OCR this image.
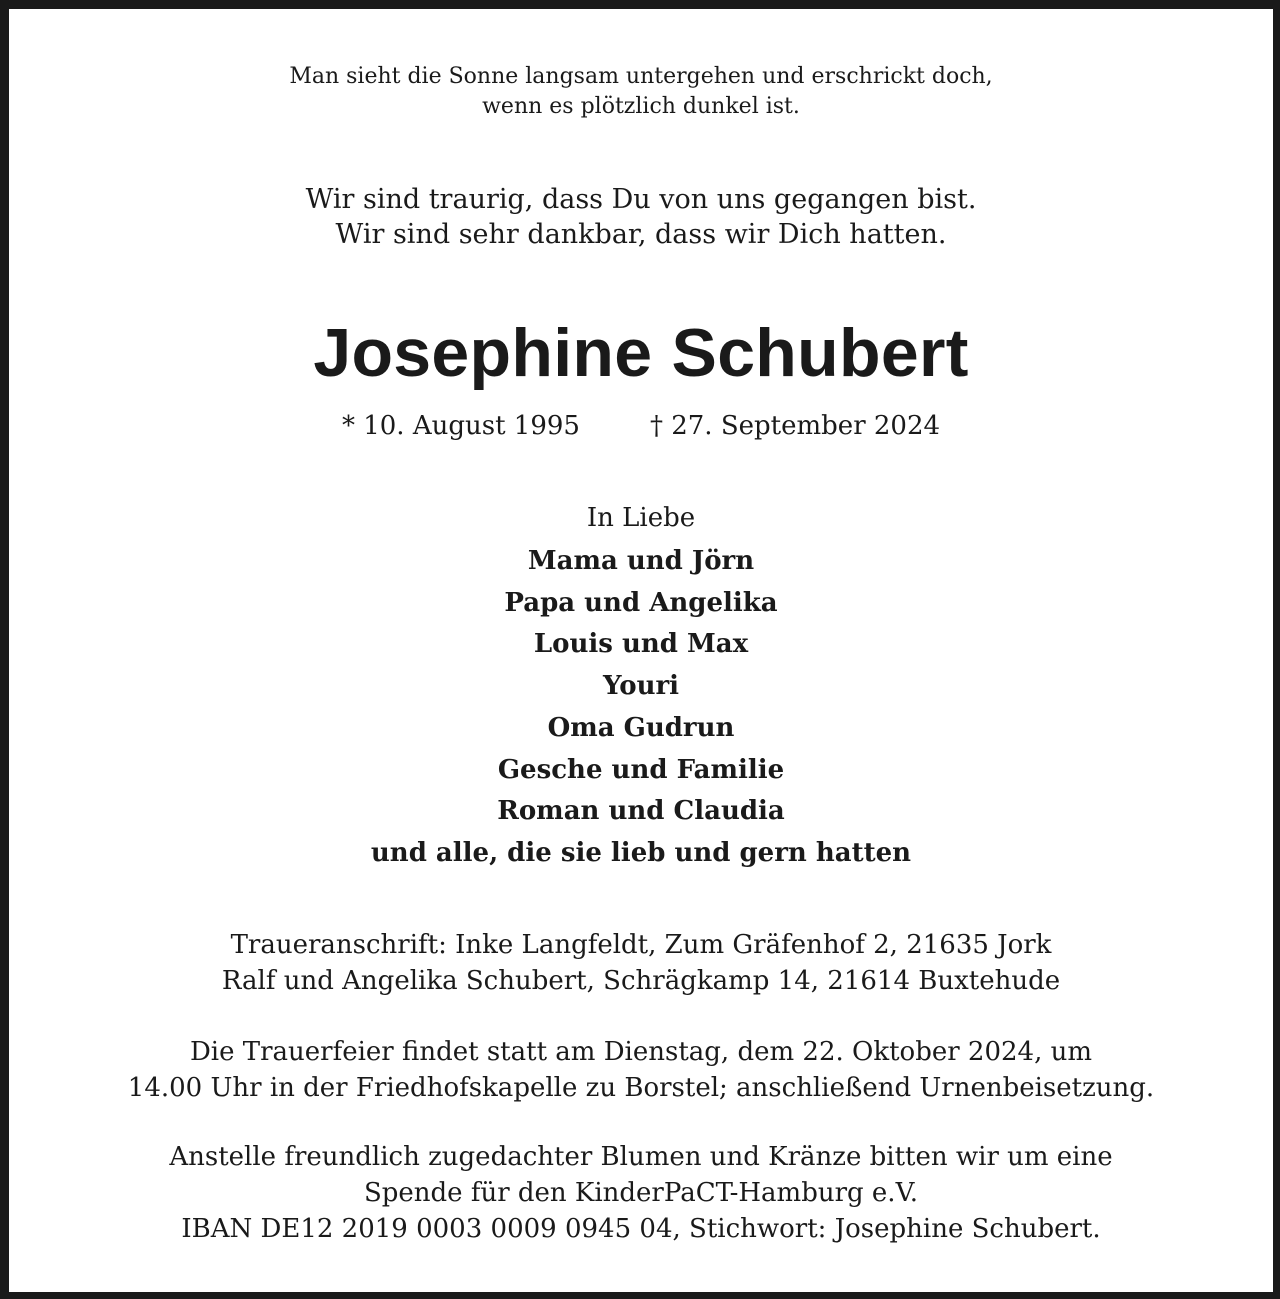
Man sieht die Sonne langsam untergehen und erschrickt doch,
wenn es plötzlich dunkel ist.
Wir sind traurig, dass Du von uns gegangen bist.
Wir sind sehr dankbar, dass wir Dich hatten.
Josephine Schubert
* 10. August 1995	† 27. September 2024
In Liebe
Mama und Jörn
Papa und Angelika
Louis und Max
Youri
Oma Gudrun
Gesche und Familie
Roman und Claudia
und alle, die sie lieb und gern hatten
Traueranschrift: Inke Langfeldt, Zum Gräfenhof 2, 21635 Jork
Ralf und Angelika Schubert, Schrägkamp 14, 21614 Buxtehude
Die Trauerfeier findet statt am Dienstag, dem 22. Oktober 2024, um
14.00 Uhr in der Friedhofskapelle zu Borstel; anschließend Urnenbeisetzung.
Anstelle freundlich zugedachter Blumen und Kränze bitten wir um eine
Spende für den KinderPaCT-Hamburg e.V.
IBAN DE12 2019 0003 0009 0945 04, Stichwort: Josephine Schubert.
